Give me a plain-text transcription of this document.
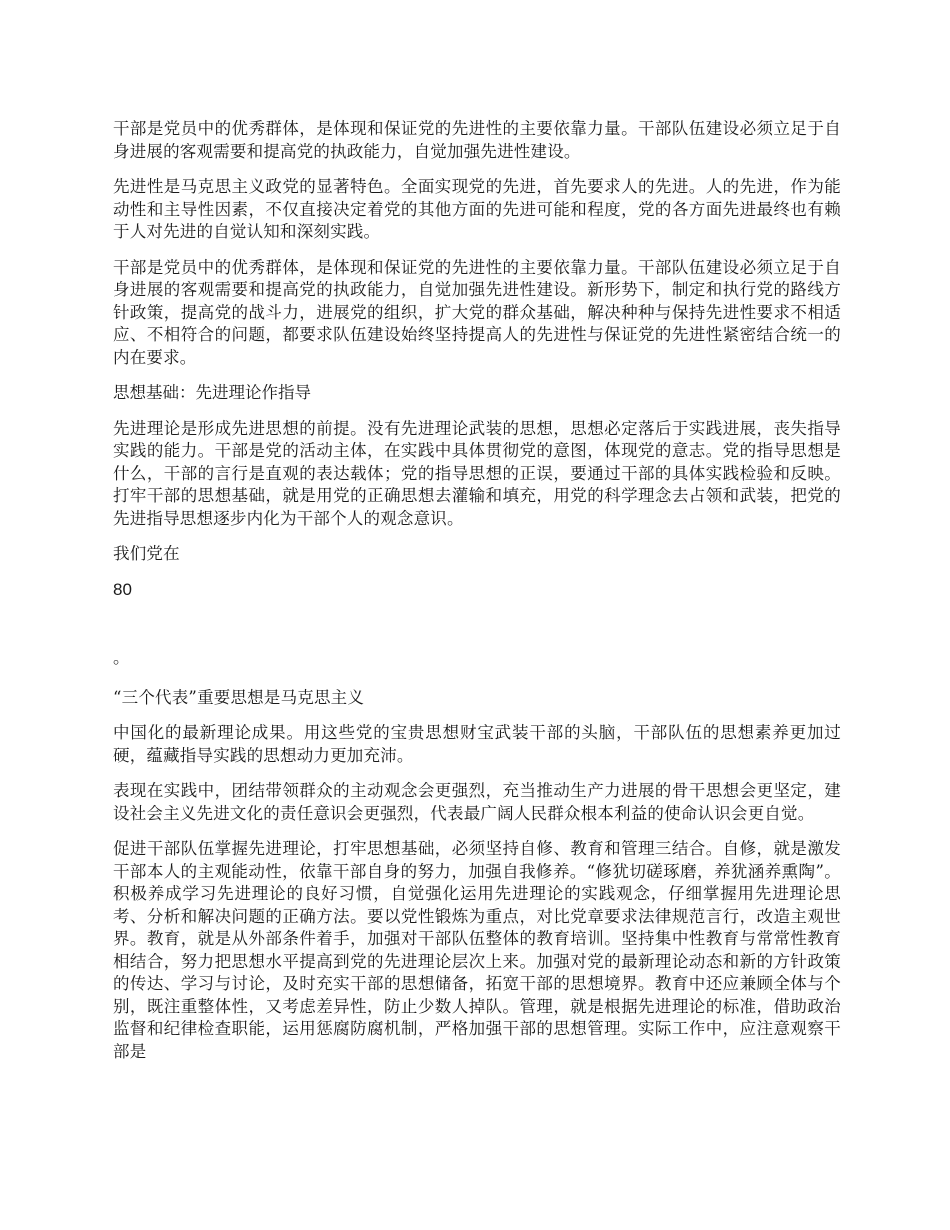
干部是党员中的优秀群体，是体现和保证党的先进性的主要依靠力量。干部队伍建设必须立足于自身进展的客观需要和提高党的执政能力，自觉加强先进性建设。

先进性是马克思主义政党的显著特色。全面实现党的先进，首先要求人的先进。人的先进，作为能动性和主导性因素，不仅直接决定着党的其他方面的先进可能和程度，党的各方面先进最终也有赖于人对先进的自觉认知和深刻实践。

干部是党员中的优秀群体，是体现和保证党的先进性的主要依靠力量。干部队伍建设必须立足于自身进展的客观需要和提高党的执政能力，自觉加强先进性建设。新形势下，制定和执行党的路线方针政策，提高党的战斗力，进展党的组织，扩大党的群众基础，解决种种与保持先进性要求不相适应、不相符合的问题，都要求队伍建设始终坚持提高人的先进性与保证党的先进性紧密结合统一的内在要求。

思想基础：先进理论作指导

先进理论是形成先进思想的前提。没有先进理论武装的思想，思想必定落后于实践进展，丧失指导实践的能力。干部是党的活动主体，在实践中具体贯彻党的意图，体现党的意志。党的指导思想是什么，干部的言行是直观的表达载体；党的指导思想的正误，要通过干部的具体实践检验和反映。打牢干部的思想基础，就是用党的正确思想去灌输和填充，用党的科学理念去占领和武装，把党的先进指导思想逐步内化为干部个人的观念意识。

我们党在

80

。

“三个代表”重要思想是马克思主义

中国化的最新理论成果。用这些党的宝贵思想财宝武装干部的头脑，干部队伍的思想素养更加过硬，蕴藏指导实践的思想动力更加充沛。

表现在实践中，团结带领群众的主动观念会更强烈，充当推动生产力进展的骨干思想会更坚定，建设社会主义先进文化的责任意识会更强烈，代表最广阔人民群众根本利益的使命认识会更自觉。

促进干部队伍掌握先进理论，打牢思想基础，必须坚持自修、教育和管理三结合。自修，就是激发干部本人的主观能动性，依靠干部自身的努力，加强自我修养。“修犹切磋琢磨，养犹涵养熏陶”。积极养成学习先进理论的良好习惯，自觉强化运用先进理论的实践观念，仔细掌握用先进理论思考、分析和解决问题的正确方法。要以党性锻炼为重点，对比党章要求法律规范言行，改造主观世界。教育，就是从外部条件着手，加强对干部队伍整体的教育培训。坚持集中性教育与常常性教育相结合，努力把思想水平提高到党的先进理论层次上来。加强对党的最新理论动态和新的方针政策的传达、学习与讨论，及时充实干部的思想储备，拓宽干部的思想境界。教育中还应兼顾全体与个别，既注重整体性，又考虑差异性，防止少数人掉队。管理，就是根据先进理论的标准，借助政治监督和纪律检查职能，运用惩腐防腐机制，严格加强干部的思想管理。实际工作中，应注意观察干部是
